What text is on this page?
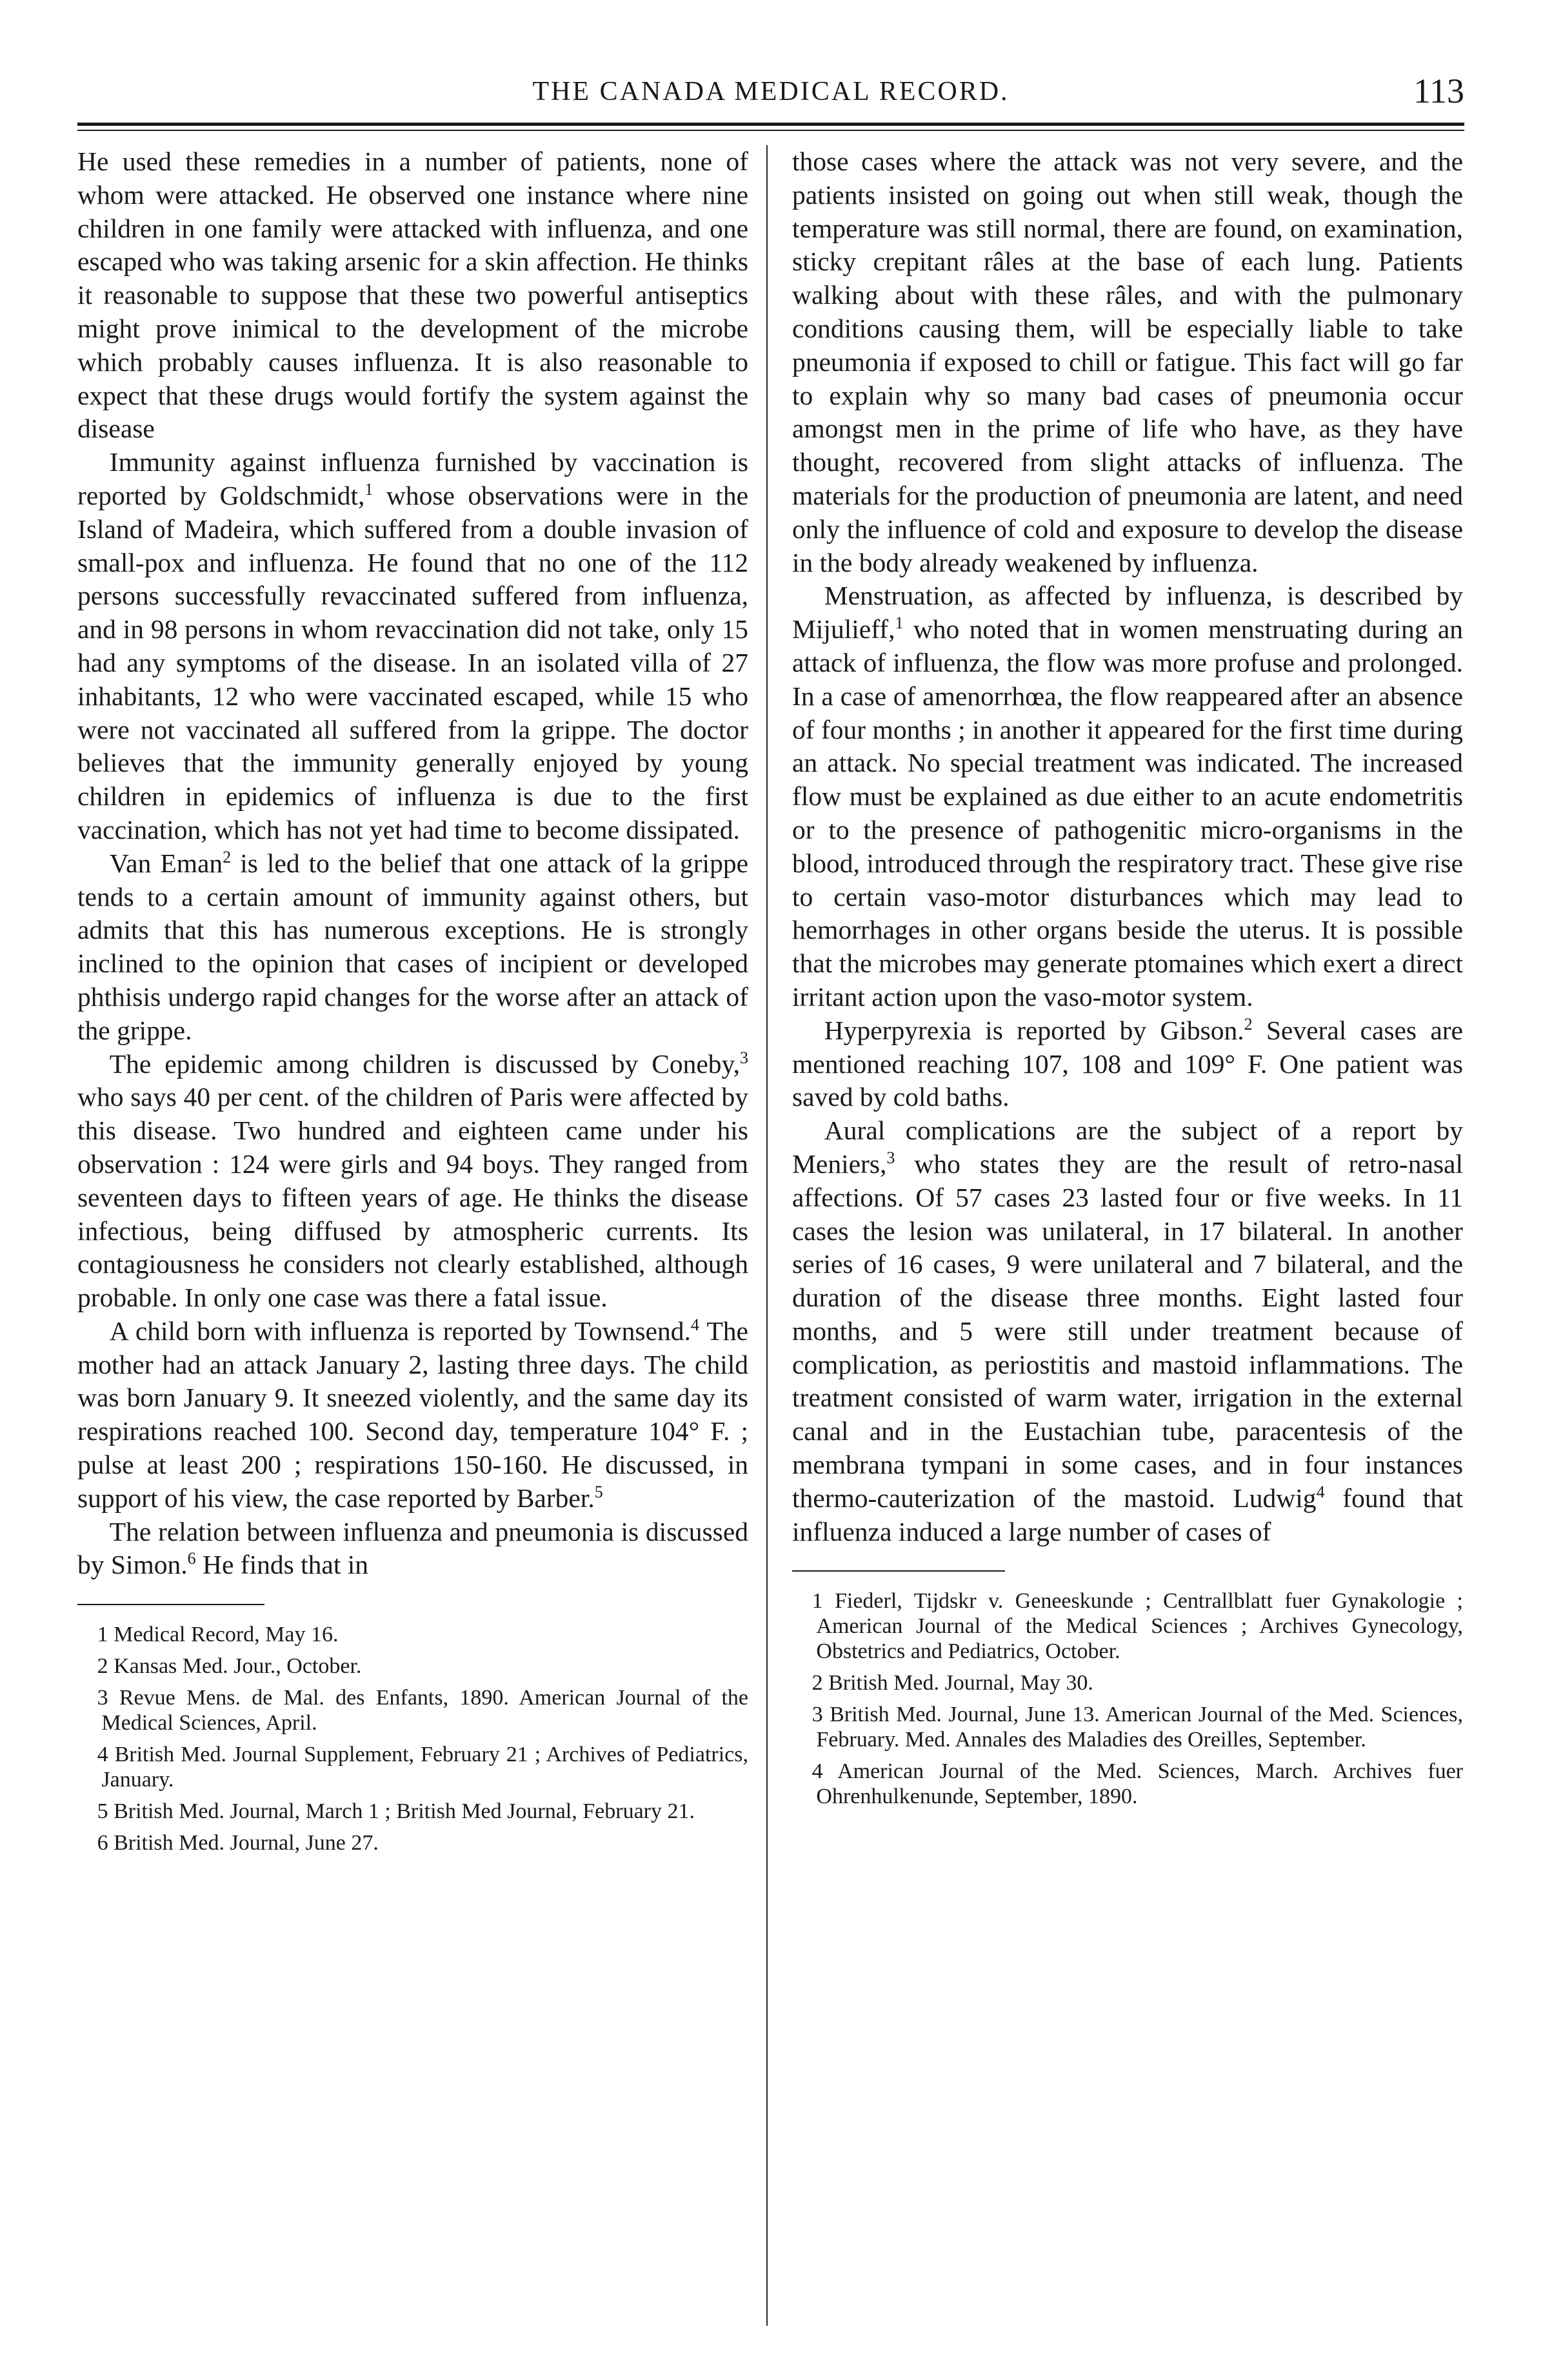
THE CANADA MEDICAL RECORD.	113

He used these remedies in a number of patients, none of whom were attacked. He observed one instance where nine children in one family were attacked with influenza, and one escaped who was taking arsenic for a skin affection. He thinks it reasonable to suppose that these two powerful antiseptics might prove inimical to the development of the microbe which probably causes influenza. It is also reasonable to expect that these drugs would fortify the system against the disease

Immunity against influenza furnished by vaccination is reported by Goldschmidt,$^1$ whose observations were in the Island of Madeira, which suffered from a double invasion of small-pox and influenza. He found that no one of the 112 persons successfully revaccinated suffered from influenza, and in 98 persons in whom revaccination did not take, only 15 had any symptoms of the disease. In an isolated villa of 27 inhabitants, 12 who were vaccinated escaped, while 15 who were not vaccinated all suffered from la grippe. The doctor believes that the immunity generally enjoyed by young children in epidemics of influenza is due to the first vaccination, which has not yet had time to become dissipated.

Van Eman$^2$ is led to the belief that one attack of la grippe tends to a certain amount of immunity against others, but admits that this has numerous exceptions. He is strongly inclined to the opinion that cases of incipient or developed phthisis undergo rapid changes for the worse after an attack of the grippe.

The epidemic among children is discussed by Coneby,$^3$ who says 40 per cent. of the children of Paris were affected by this disease. Two hundred and eighteen came under his observation : 124 were girls and 94 boys. They ranged from seventeen days to fifteen years of age. He thinks the disease infectious, being diffused by atmospheric currents. Its contagiousness he considers not clearly established, although probable. In only one case was there a fatal issue.

A child born with influenza is reported by Townsend.$^4$ The mother had an attack January 2, lasting three days. The child was born January 9. It sneezed violently, and the same day its respirations reached 100. Second day, temperature 104° F. ; pulse at least 200 ; respirations 150-160. He discussed, in support of his view, the case reported by Barber.$^5$

The relation between influenza and pneumonia is discussed by Simon.$^6$ He finds that in

1 Medical Record, May 16.
2 Kansas Med. Jour., October.
3 Revue Mens. de Mal. des Enfants, 1890. American Journal of the Medical Sciences, April.
4 British Med. Journal Supplement, February 21 ; Archives of Pediatrics, January.
5 British Med. Journal, March 1 ; British Med Journal, February 21.
6 British Med. Journal, June 27.

those cases where the attack was not very severe, and the patients insisted on going out when still weak, though the temperature was still normal, there are found, on examination, sticky crepitant râles at the base of each lung. Patients walking about with these râles, and with the pulmonary conditions causing them, will be especially liable to take pneumonia if exposed to chill or fatigue. This fact will go far to explain why so many bad cases of pneumonia occur amongst men in the prime of life who have, as they have thought, recovered from slight attacks of influenza. The materials for the production of pneumonia are latent, and need only the influence of cold and exposure to develop the disease in the body already weakened by influenza.

Menstruation, as affected by influenza, is described by Mijulieff,$^1$ who noted that in women menstruating during an attack of influenza, the flow was more profuse and prolonged. In a case of amenorrhœa, the flow reappeared after an absence of four months ; in another it appeared for the first time during an attack. No special treatment was indicated. The increased flow must be explained as due either to an acute endometritis or to the presence of pathogenitic micro-organisms in the blood, introduced through the respiratory tract. These give rise to certain vaso-motor disturbances which may lead to hemorrhages in other organs beside the uterus. It is possible that the microbes may generate ptomaines which exert a direct irritant action upon the vaso-motor system.

Hyperpyrexia is reported by Gibson.$^2$ Several cases are mentioned reaching 107, 108 and 109° F. One patient was saved by cold baths.

Aural complications are the subject of a report by Meniers,$^3$ who states they are the result of retro-nasal affections. Of 57 cases 23 lasted four or five weeks. In 11 cases the lesion was unilateral, in 17 bilateral. In another series of 16 cases, 9 were unilateral and 7 bilateral, and the duration of the disease three months. Eight lasted four months, and 5 were still under treatment because of complication, as periostitis and mastoid inflammations. The treatment consisted of warm water, irrigation in the external canal and in the Eustachian tube, paracentesis of the membrana tympani in some cases, and in four instances thermo-cauterization of the mastoid. Ludwig$^4$ found that influenza induced a large number of cases of

1 Fiederl, Tijdskr v. Geneeskunde ; Centrallblatt fuer Gynakologie ; American Journal of the Medical Sciences ; Archives Gynecology, Obstetrics and Pediatrics, October.
2 British Med. Journal, May 30.
3 British Med. Journal, June 13. American Journal of the Med. Sciences, February. Med. Annales des Maladies des Oreilles, September.
4 American Journal of the Med. Sciences, March. Archives fuer Ohrenhulkenunde, September, 1890.
